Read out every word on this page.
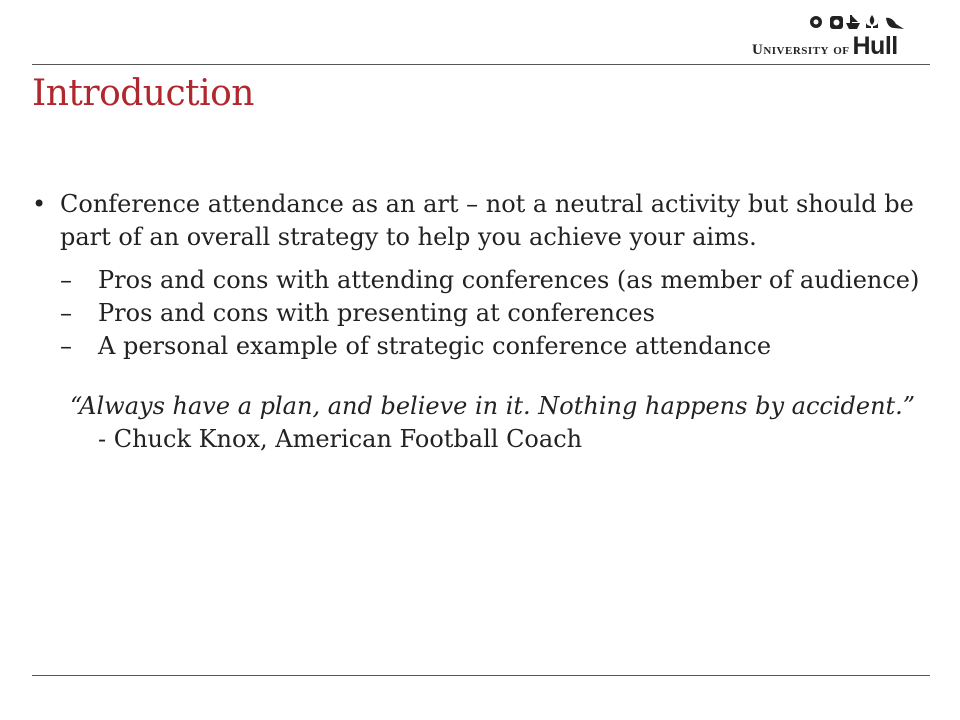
University of Hull
Introduction

• Conference attendance as an art – not a neutral activity but should be part of an overall strategy to help you achieve your aims.

– Pros and cons with attending conferences (as member of audience)
– Pros and cons with presenting at conferences
– A personal example of strategic conference attendance
“Always have a plan, and believe in it. Nothing happens by accident.” - Chuck Knox, American Football Coach
